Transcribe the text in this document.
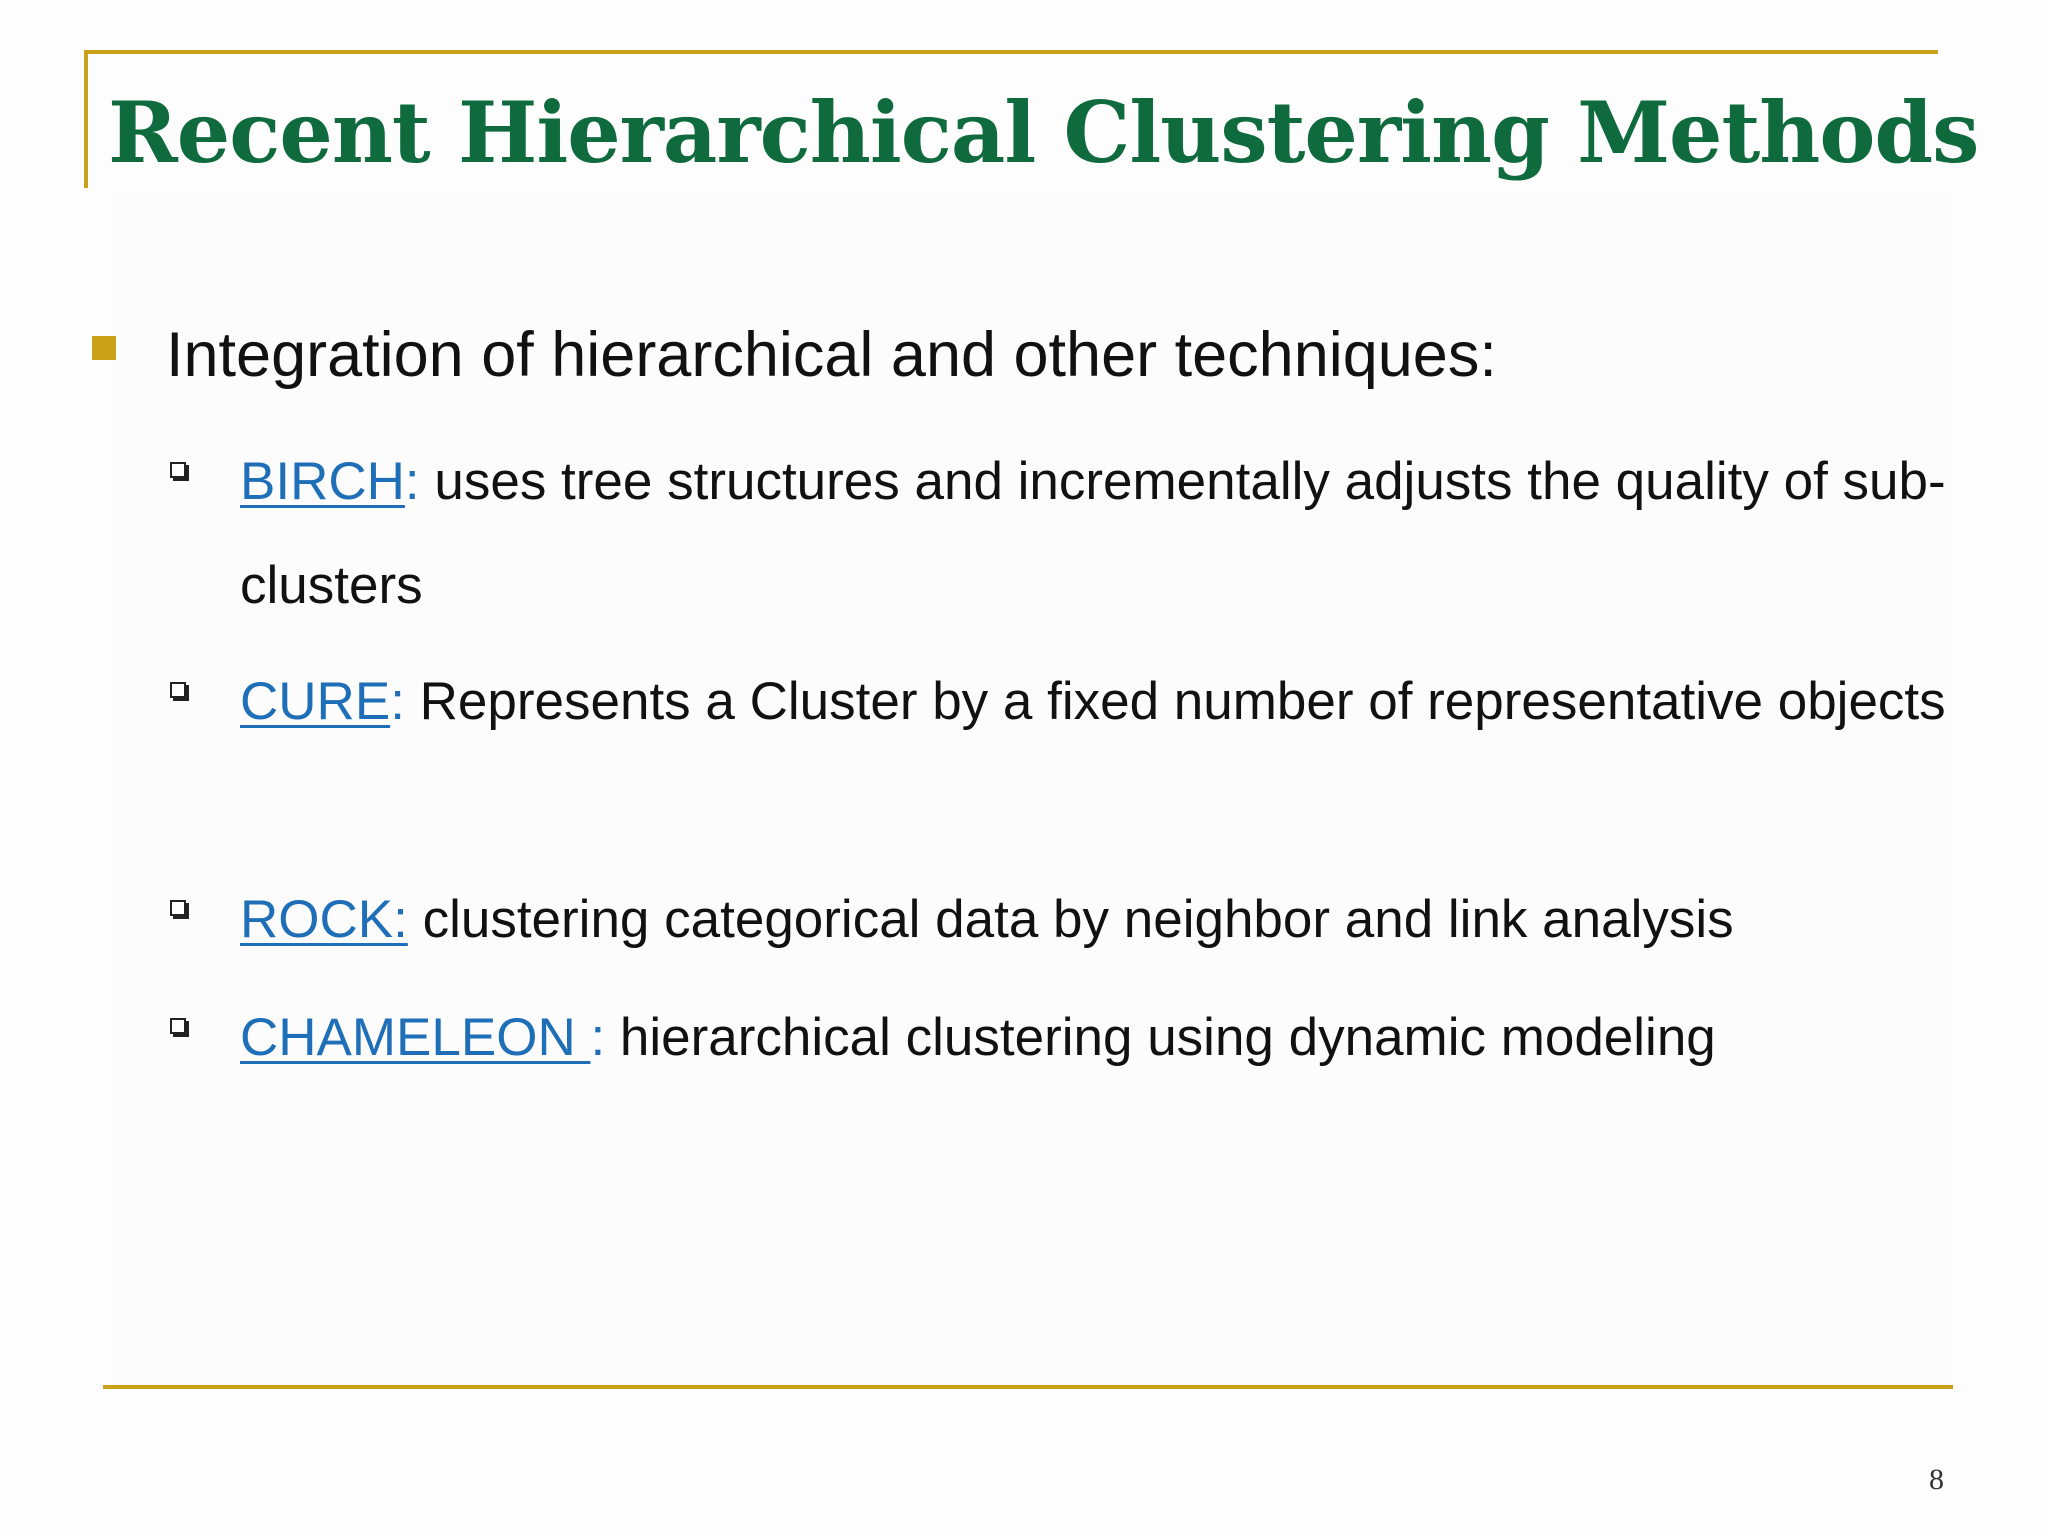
Recent Hierarchical Clustering Methods
Integration of hierarchical and other techniques:
BIRCH: uses tree structures and incrementally adjusts the quality of sub-clusters
CURE: Represents a Cluster by a fixed number of representative objects
ROCK: clustering categorical data by neighbor and link analysis
CHAMELEON : hierarchical clustering using dynamic modeling
8
